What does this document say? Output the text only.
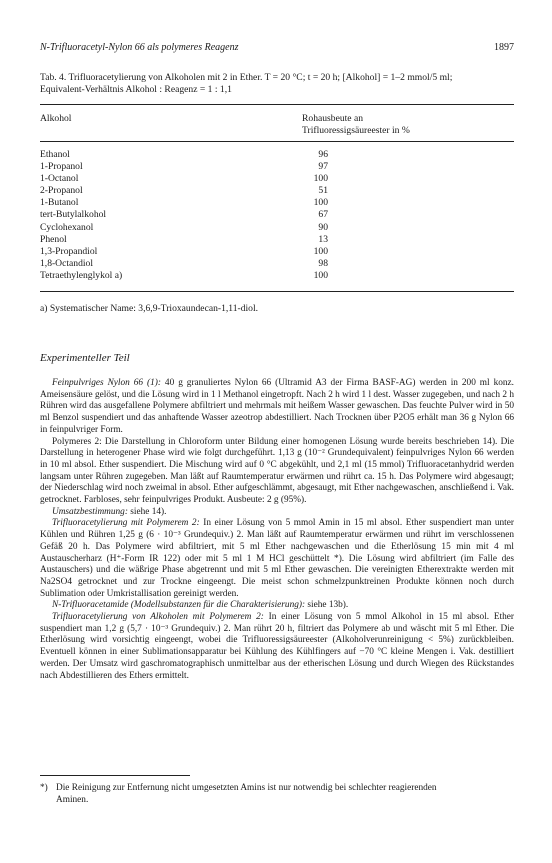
N-Trifluoracetyl-Nylon 66 als polymeres Reagenz	1897
Tab. 4. Trifluoracetylierung von Alkoholen mit 2 in Ether. T = 20 °C; t = 20 h; [Alkohol] = 1–2 mmol/5 ml;
Equivalent-Verhältnis Alkohol : Reagenz = 1 : 1,1
Alkohol	Rohausbeute an
Trifluoressigsäureester in %
Ethanol	96
1-Propanol	97
1-Octanol	100
2-Propanol	51
1-Butanol	100
tert-Butylalkohol	67
Cyclohexanol	90
Phenol	13
1,3-Propandiol	100
1,8-Octandiol	98
Tetraethylenglykol a)	100
a) Systematischer Name: 3,6,9-Trioxaundecan-1,11-diol.
Experimenteller Teil

Feinpulvriges Nylon 66 (1): 40 g granuliertes Nylon 66 (Ultramid A3 der Firma BASF-AG) werden in 200 ml konz. Ameisensäure gelöst, und die Lösung wird in 1 l Methanol eingetropft. Nach 2 h wird 1 l dest. Wasser zugegeben, und nach 2 h Rühren wird das ausgefallene Polymere abfiltriert und mehrmals mit heißem Wasser gewaschen. Das feuchte Pulver wird in 50 ml Benzol suspendiert und das anhaftende Wasser azeotrop abdestilliert. Nach Trocknen über P2O5 erhält man 36 g Nylon 66 in feinpulvriger Form.

Polymeres 2: Die Darstellung in Chloroform unter Bildung einer homogenen Lösung wurde bereits beschrieben 14). Die Darstellung in heterogener Phase wird wie folgt durchgeführt. 1,13 g (10⁻² Grundequivalent) feinpulvriges Nylon 66 werden in 10 ml absol. Ether suspendiert. Die Mischung wird auf 0 °C abgekühlt, und 2,1 ml (15 mmol) Trifluoracetanhydrid werden langsam unter Rühren zugegeben. Man läßt auf Raumtemperatur erwärmen und rührt ca. 15 h. Das Polymere wird abgesaugt; der Niederschlag wird noch zweimal in absol. Ether aufgeschlämmt, abgesaugt, mit Ether nachgewaschen, anschließend i. Vak. getrocknet. Farbloses, sehr feinpulvriges Produkt. Ausbeute: 2 g (95%).

Umsatzbestimmung: siehe 14).

Trifluoracetylierung mit Polymerem 2: In einer Lösung von 5 mmol Amin in 15 ml absol. Ether suspendiert man unter Kühlen und Rühren 1,25 g (6 · 10⁻³ Grundequiv.) 2. Man läßt auf Raumtemperatur erwärmen und rührt im verschlossenen Gefäß 20 h. Das Polymere wird abfiltriert, mit 5 ml Ether nachgewaschen und die Etherlösung 15 min mit 4 ml Austauscherharz (H⁺-Form IR 122) oder mit 5 ml 1 M HCl geschüttelt *). Die Lösung wird abfiltriert (im Falle des Austauschers) und die wäßrige Phase abgetrennt und mit 5 ml Ether gewaschen. Die vereinigten Etherextrakte werden mit Na2SO4 getrocknet und zur Trockne eingeengt. Die meist schon schmelzpunktreinen Produkte können noch durch Sublimation oder Umkristallisation gereinigt werden.

N-Trifluoracetamide (Modellsubstanzen für die Charakterisierung): siehe 13b).

Trifluoracetylierung von Alkoholen mit Polymerem 2: In einer Lösung von 5 mmol Alkohol in 15 ml absol. Ether suspendiert man 1,2 g (5,7 · 10⁻³ Grundequiv.) 2. Man rührt 20 h, filtriert das Polymere ab und wäscht mit 5 ml Ether. Die Etherlösung wird vorsichtig eingeengt, wobei die Trifluoressigsäureester (Alkoholverunreinigung < 5%) zurückbleiben. Eventuell können in einer Sublimationsapparatur bei Kühlung des Kühlfingers auf −70 °C kleine Mengen i. Vak. destilliert werden. Der Umsatz wird gaschromatographisch unmittelbar aus der etherischen Lösung und durch Wiegen des Rückstandes nach Abdestillieren des Ethers ermittelt.

*) Die Reinigung zur Entfernung nicht umgesetzten Amins ist nur notwendig bei schlechter reagierenden
Aminen.
